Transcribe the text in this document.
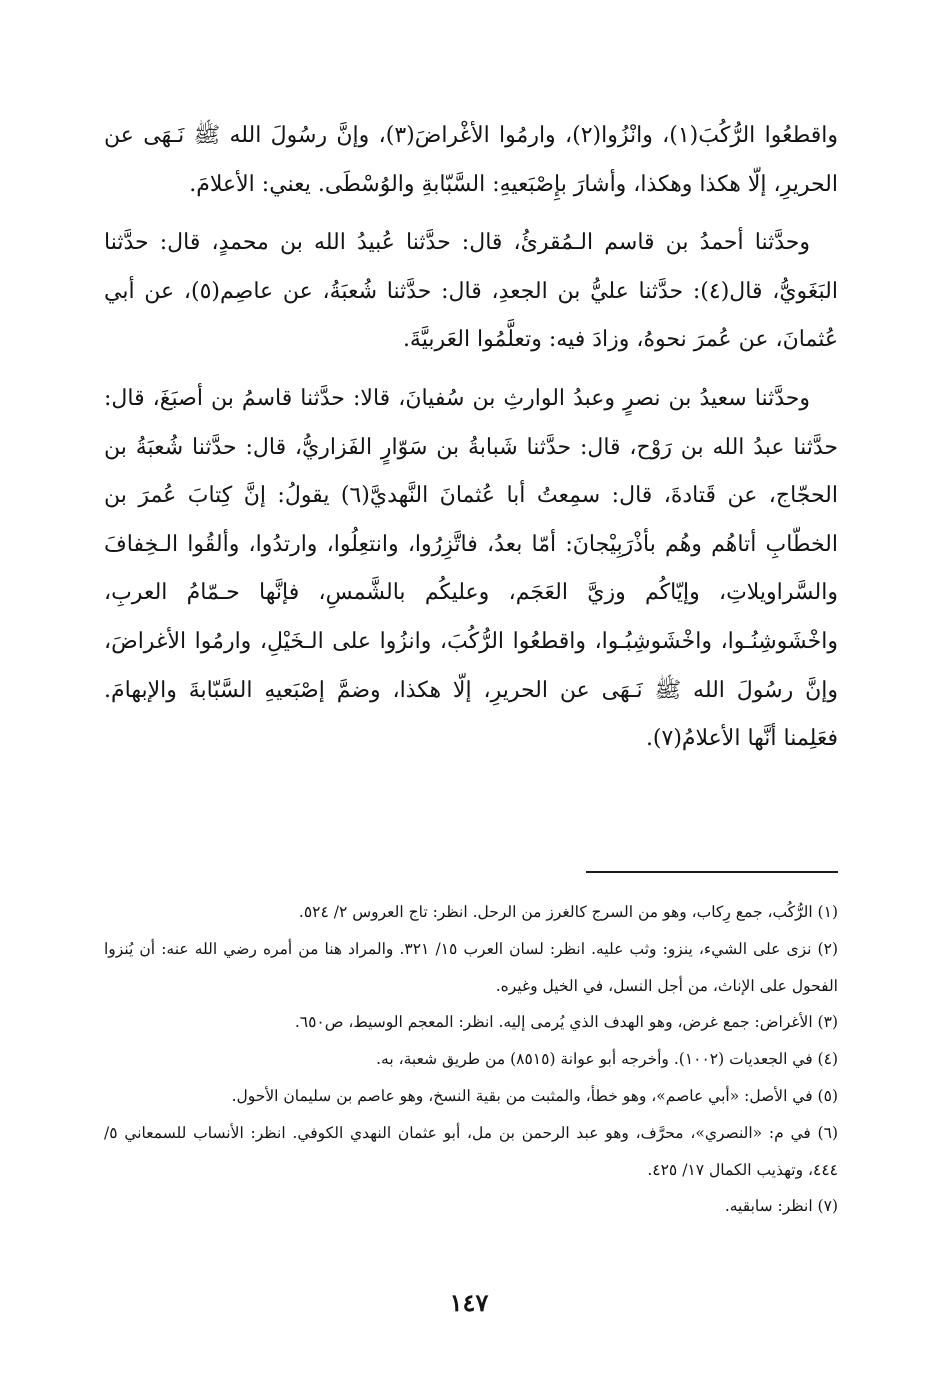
واقطعُوا الرُّكُبَ(١)، وانْزُوا(٢)، وارمُوا الأغْراضَ(٣)، وإنَّ رسُولَ الله ﷺ نَـهَى عن الحريرِ، إلّا هكذا وهكذا، وأشارَ بإِصْبَعيهِ: السَّبّابةِ والوُسْطَى. يعني: الأعلامَ.

وحدَّثنا أحمدُ بن قاسم الـمُقرئُ، قال: حدَّثنا عُبيدُ الله بن محمدٍ، قال: حدَّثنا البَغَويُّ، قال(٤): حدَّثنا عليُّ بن الجعدِ، قال: حدَّثنا شُعبَةُ، عن عاصِم(٥)، عن أبي عُثمانَ، عن عُمرَ نحوهُ، وزادَ فيه: وتعلَّمُوا العَربيَّةَ.

وحدَّثنا سعيدُ بن نصرٍ وعبدُ الوارثِ بن سُفيانَ، قالا: حدَّثنا قاسمُ بن أصبَغَ، قال: حدَّثنا عبدُ الله بن رَوْح، قال: حدَّثنا شَبابةُ بن سَوّارٍ الفَزاريُّ، قال: حدَّثنا شُعبَةُ بن الحجّاج، عن قَتادةَ، قال: سمِعتُ أبا عُثمانَ النَّهديَّ(٦) يقولُ: إنَّ كِتابَ عُمرَ بن الخطّابِ أتاهُم وهُم بأذْرَبِيْجانَ: أمّا بعدُ، فاتَّزِرُوا، وانتعِلُوا، وارتدُوا، وألقُوا الـخِفافَ والسَّراويلاتِ، وإيّاكُم وزيَّ العَجَم، وعليكُم بالشَّمسِ، فإنَّها حـمّامُ العربِ، واخْشَوشِنُـوا، واخْشَوشِبُـوا، واقطعُوا الرُّكُبَ، وانزُوا على الـخَيْلِ، وارمُوا الأغراضَ، وإنَّ رسُولَ الله ﷺ نَـهَى عن الحريرِ، إلّا هكذا، وضمَّ إصْبَعيهِ السَّبّابةَ والإبهامَ. فعَلِمنا أنَّها الأعلامُ(٧).

(١) الرُّكُب، جمع رِكاب، وهو من السرج كالغرز من الرحل. انظر: تاج العروس ٢/ ٥٢٤.

(٢) نزى على الشيء، ينزو: وثب عليه. انظر: لسان العرب ١٥/ ٣٢١. والمراد هنا من أمره رضي الله عنه: أن يُنزوا الفحول على الإناث، من أجل النسل، في الخيل وغيره.

(٣) الأغراض: جمع غرض، وهو الهدف الذي يُرمى إليه. انظر: المعجم الوسيط، ص٦٥٠.

(٤) في الجعديات (١٠٠٢). وأخرجه أبو عوانة (٨٥١٥) من طريق شعبة، به.

(٥) في الأصل: «أبي عاصم»، وهو خطأ، والمثبت من بقية النسخ، وهو عاصم بن سليمان الأحول.

(٦) في م: «النصري»، محرَّف، وهو عبد الرحمن بن مل، أبو عثمان النهدي الكوفي. انظر: الأنساب للسمعاني ٥/ ٤٤٤، وتهذيب الكمال ١٧/ ٤٢٥.

(٧) انظر: سابقيه.

١٤٧
